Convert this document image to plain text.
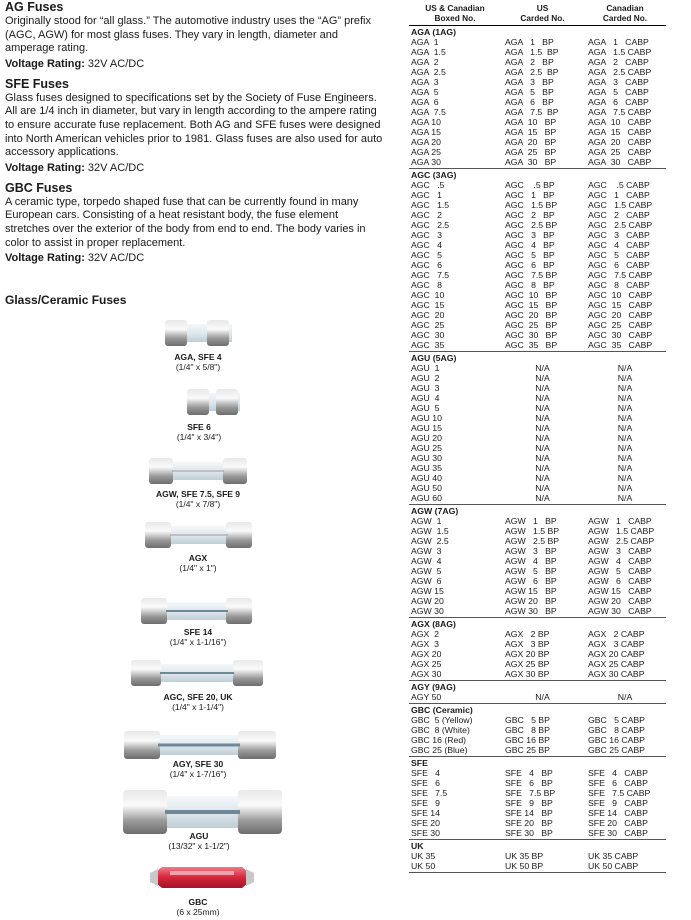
AG Fuses

Originally stood for “all glass.” The automotive industry uses the “AG” prefix (AGC, AGW) for most glass fuses. They vary in length, diameter and amperage rating.

Voltage Rating: 32V AC/DC

SFE Fuses

Glass fuses designed to specifications set by the Society of Fuse Engineers. All are 1/4 inch in diameter, but vary in length according to the ampere rating to ensure accurate fuse replacement. Both AG and SFE fuses were designed into North American vehicles prior to 1981. Glass fuses are also used for auto accessory applications.

Voltage Rating: 32V AC/DC

GBC Fuses

A ceramic type, torpedo shaped fuse that can be currently found in many European cars. Consisting of a heat resistant body, the fuse element stretches over the exterior of the body from end to end. The body varies in color to assist in proper replacement.

Voltage Rating: 32V AC/DC

Glass/Ceramic Fuses
AGA, SFE 4
(1/4" x 5/8")
SFE 6
(1/4" x 3/4")
AGW, SFE 7.5, SFE 9
(1/4" x 7/8")
AGX
(1/4" x 1")
SFE 14
(1/4" x 1-1/16")
AGC, SFE 20, UK
(1/4" x 1-1/4")
AGY, SFE 30
(1/4" x 1-7/16")
AGU
(13/32" x 1-1/2")
GBC
(6 x 25mm)
US & Canadian
Boxed No.
US
Carded No.
Canadian
Carded No.
AGA (1AG)
AGA  1	AGA   1   BP	AGA   1   CABP
AGA  1.5	AGA   1.5  BP	AGA   1.5 CABP
AGA  2	AGA   2   BP	AGA   2   CABP
AGA  2.5	AGA   2.5  BP	AGA   2.5 CABP
AGA  3	AGA   3   BP	AGA   3   CABP
AGA  5	AGA   5   BP	AGA   5   CABP
AGA  6	AGA   6   BP	AGA   6   CABP
AGA  7.5	AGA   7.5  BP	AGA   7.5 CABP
AGA 10	AGA  10   BP	AGA  10   CABP
AGA 15	AGA  15   BP	AGA  15   CABP
AGA 20	AGA  20   BP	AGA  20   CABP
AGA 25	AGA  25   BP	AGA  25   CABP
AGA 30	AGA  30   BP	AGA  30   CABP
AGC (3AG)
AGC   .5	AGC    .5 BP	AGC    .5 CABP
AGC   1	AGC   1   BP	AGC   1   CABP
AGC   1.5	AGC   1.5 BP	AGC   1.5 CABP
AGC   2	AGC   2   BP	AGC   2   CABP
AGC   2.5	AGC   2.5 BP	AGC   2.5 CABP
AGC   3	AGC   3   BP	AGC   3   CABP
AGC   4	AGC   4   BP	AGC   4   CABP
AGC   5	AGC   5   BP	AGC   5   CABP
AGC   6	AGC   6   BP	AGC   6   CABP
AGC   7.5	AGC   7.5 BP	AGC   7.5 CABP
AGC   8	AGC   8   BP	AGC   8   CABP
AGC  10	AGC  10   BP	AGC  10   CABP
AGC  15	AGC  15   BP	AGC  15   CABP
AGC  20	AGC  20   BP	AGC  20   CABP
AGC  25	AGC  25   BP	AGC  25   CABP
AGC  30	AGC  30   BP	AGC  30   CABP
AGC  35	AGC  35   BP	AGC  35   CABP
AGU (5AG)
AGU  1	N/A	N/A
AGU  2	N/A	N/A
AGU  3	N/A	N/A
AGU  4	N/A	N/A
AGU  5	N/A	N/A
AGU 10	N/A	N/A
AGU 15	N/A	N/A
AGU 20	N/A	N/A
AGU 25	N/A	N/A
AGU 30	N/A	N/A
AGU 35	N/A	N/A
AGU 40	N/A	N/A
AGU 50	N/A	N/A
AGU 60	N/A	N/A
AGW (7AG)
AGW  1	AGW   1   BP	AGW   1   CABP
AGW  1.5	AGW   1.5 BP	AGW   1.5 CABP
AGW  2.5	AGW   2.5 BP	AGW   2.5 CABP
AGW  3	AGW   3   BP	AGW   3   CABP
AGW  4	AGW   4   BP	AGW   4   CABP
AGW  5	AGW   5   BP	AGW   5   CABP
AGW  6	AGW   6   BP	AGW   6   CABP
AGW 15	AGW 15   BP	AGW 15   CABP
AGW 20	AGW 20   BP	AGW 20   CABP
AGW 30	AGW 30   BP	AGW 30   CABP
AGX (8AG)
AGX  2	AGX   2 BP	AGX   2 CABP
AGX  3	AGX   3 BP	AGX   3 CABP
AGX 20	AGX 20 BP	AGX 20 CABP
AGX 25	AGX 25 BP	AGX 25 CABP
AGX 30	AGX 30 BP	AGX 30 CABP
AGY (9AG)
AGY 50	N/A	N/A
GBC (Ceramic)
GBC  5 (Yellow)	GBC   5 BP	GBC   5 CABP
GBC  8 (White)	GBC   8 BP	GBC   8 CABP
GBC 16 (Red)	GBC 16 BP	GBC 16 CABP
GBC 25 (Blue)	GBC 25 BP	GBC 25 CABP
SFE
SFE   4	SFE   4   BP	SFE   4   CABP
SFE   6	SFE   6   BP	SFE   6   CABP
SFE   7.5	SFE   7.5 BP	SFE   7.5 CABP
SFE   9	SFE   9   BP	SFE   9   CABP
SFE 14	SFE 14   BP	SFE 14   CABP
SFE 20	SFE 20   BP	SFE 20   CABP
SFE 30	SFE 30   BP	SFE 30   CABP
UK
UK 35	UK 35 BP	UK 35 CABP
UK 50	UK 50 BP	UK 50 CABP
